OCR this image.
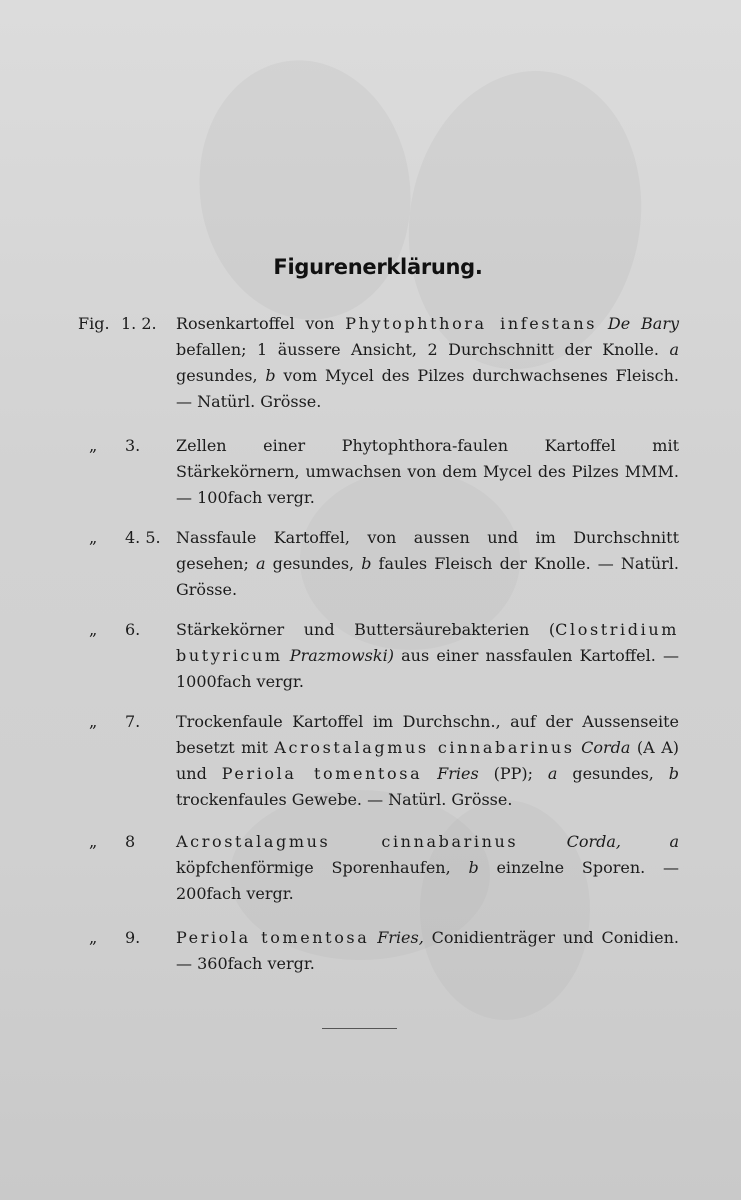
Figurenerklärung.
Fig. 1. 2. Rosenkartoffel von Phytophthora infestans De Bary befallen; 1 äussere Ansicht, 2 Durchschnitt der Knolle. a gesundes, b vom Mycel des Pilzes durchwachsenes Fleisch. — Natürl. Grösse.
„ 3. Zellen einer Phytophthora-faulen Kartoffel mit Stärkekörnern, umwachsen von dem Mycel des Pilzes MMM. — 100fach vergr.
„ 4. 5. Nassfaule Kartoffel, von aussen und im Durchschnitt gesehen; a gesundes, b faules Fleisch der Knolle. — Natürl. Grösse.
„ 6. Stärkekörner und Buttersäurebakterien (Clostridium butyricum Prazmowski) aus einer nassfaulen Kartoffel. — 1000fach vergr.
„ 7. Trockenfaule Kartoffel im Durchschn., auf der Aussenseite besetzt mit Acrostalagmus cinnabarinus Corda (A A) und Periola tomentosa Fries (PP); a gesundes, b trockenfaules Gewebe. — Natürl. Grösse.
„ 8	Acrostalagmus cinnabarinus	Corda,	a köpfchenförmige Sporenhaufen, b einzelne Sporen. — 200fach vergr.
„ 9. Periola tomentosa Fries, Conidienträger und Conidien. — 360fach vergr.
